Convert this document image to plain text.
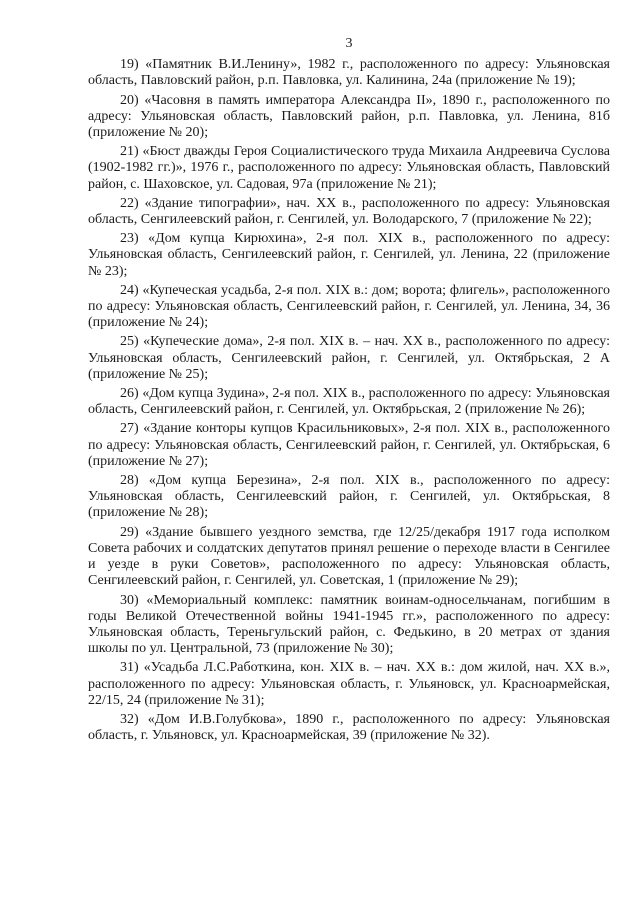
3

19) «Памятник В.И.Ленину», 1982 г., расположенного по адресу: Ульяновская область, Павловский район, р.п. Павловка, ул. Калинина, 24а (приложение № 19);

20) «Часовня в память императора Александра II», 1890 г., расположенного по адресу: Ульяновская область, Павловский район, р.п. Павловка, ул. Ленина, 81б (приложение № 20);

21) «Бюст дважды Героя Социалистического труда Михаила Андреевича Суслова (1902-1982 гг.)», 1976 г., расположенного по адресу: Ульяновская область, Павловский район, с. Шаховское, ул. Садовая, 97а (приложение № 21);

22) «Здание типографии», нач. XX в., расположенного по адресу: Ульяновская область, Сенгилеевский район, г. Сенгилей, ул. Володарского, 7 (приложение № 22);

23) «Дом купца Кирюхина», 2-я пол. XIX в., расположенного по адресу: Ульяновская область, Сенгилеевский район, г. Сенгилей, ул. Ленина, 22 (приложение № 23);

24) «Купеческая усадьба, 2-я пол. XIX в.: дом; ворота; флигель», расположенного по адресу: Ульяновская область, Сенгилеевский район, г. Сенгилей, ул. Ленина, 34, 36 (приложение № 24);

25) «Купеческие дома», 2-я пол. XIX в. – нач. XX в., расположенного по адресу: Ульяновская область, Сенгилеевский район, г. Сенгилей, ул. Октябрьская, 2 А (приложение № 25);

26) «Дом купца Зудина», 2-я пол. XIX в., расположенного по адресу: Ульяновская область, Сенгилеевский район, г. Сенгилей, ул. Октябрьская, 2 (приложение № 26);

27) «Здание конторы купцов Красильниковых», 2-я пол. XIX в., расположенного по адресу: Ульяновская область, Сенгилеевский район, г. Сенгилей, ул. Октябрьская, 6 (приложение № 27);

28) «Дом купца Березина», 2-я пол. XIX в., расположенного по адресу: Ульяновская область, Сенгилеевский район, г. Сенгилей, ул. Октябрьская, 8 (приложение № 28);

29) «Здание бывшего уездного земства, где 12/25/декабря 1917 года исполком Совета рабочих и солдатских депутатов принял решение о переходе власти в Сенгилее и уезде в руки Советов», расположенного по адресу: Ульяновская область, Сенгилеевский район, г. Сенгилей, ул. Советская, 1 (приложение № 29);

30) «Мемориальный комплекс: памятник воинам-односельчанам, погибшим в годы Великой Отечественной войны 1941-1945 гг.», расположенного по адресу: Ульяновская область, Тереньгульский район, с. Федькино, в 20 метрах от здания школы по ул. Центральной, 73 (приложение № 30);

31) «Усадьба Л.С.Работкина, кон. XIX в. – нач. XX в.: дом жилой, нач. XX в.», расположенного по адресу: Ульяновская область, г. Ульяновск, ул. Красноармейская, 22/15, 24 (приложение № 31);

32) «Дом И.В.Голубкова», 1890 г., расположенного по адресу: Ульяновская область, г. Ульяновск, ул. Красноармейская, 39 (приложение № 32).
